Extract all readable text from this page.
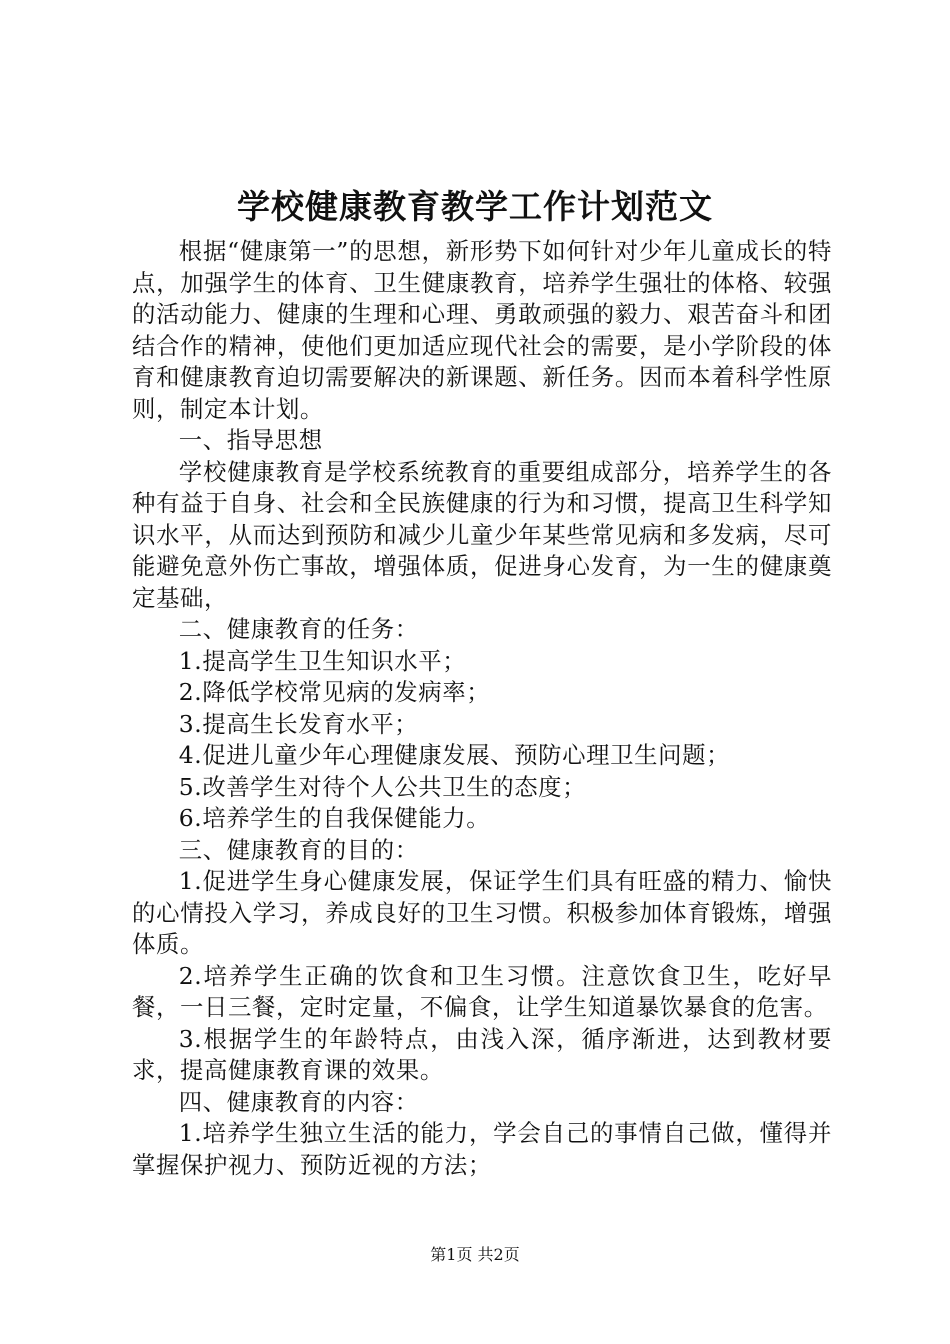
学校健康教育教学工作计划范文

根据“健康第一”的思想，新形势下如何针对少年儿童成长的特点，加强学生的体育、卫生健康教育，培养学生强壮的体格、较强的活动能力、健康的生理和心理、勇敢顽强的毅力、艰苦奋斗和团结合作的精神，使他们更加适应现代社会的需要，是小学阶段的体育和健康教育迫切需要解决的新课题、新任务。因而本着科学性原则，制定本计划。

一、指导思想

学校健康教育是学校系统教育的重要组成部分，培养学生的各种有益于自身、社会和全民族健康的行为和习惯，提高卫生科学知识水平，从而达到预防和减少儿童少年某些常见病和多发病，尽可能避免意外伤亡事故，增强体质，促进身心发育，为一生的健康奠定基础，

二、健康教育的任务：

1.提高学生卫生知识水平；

2.降低学校常见病的发病率；

3.提高生长发育水平；

4.促进儿童少年心理健康发展、预防心理卫生问题；

5.改善学生对待个人公共卫生的态度；

6.培养学生的自我保健能力。

三、健康教育的目的：

1.促进学生身心健康发展，保证学生们具有旺盛的精力、愉快的心情投入学习，养成良好的卫生习惯。积极参加体育锻炼，增强体质。

2.培养学生正确的饮食和卫生习惯。注意饮食卫生，吃好早餐，一日三餐，定时定量，不偏食，让学生知道暴饮暴食的危害。

3.根据学生的年龄特点，由浅入深，循序渐进，达到教材要求，提高健康教育课的效果。

四、健康教育的内容：

1.培养学生独立生活的能力，学会自己的事情自己做，懂得并掌握保护视力、预防近视的方法；

第1页 共2页
